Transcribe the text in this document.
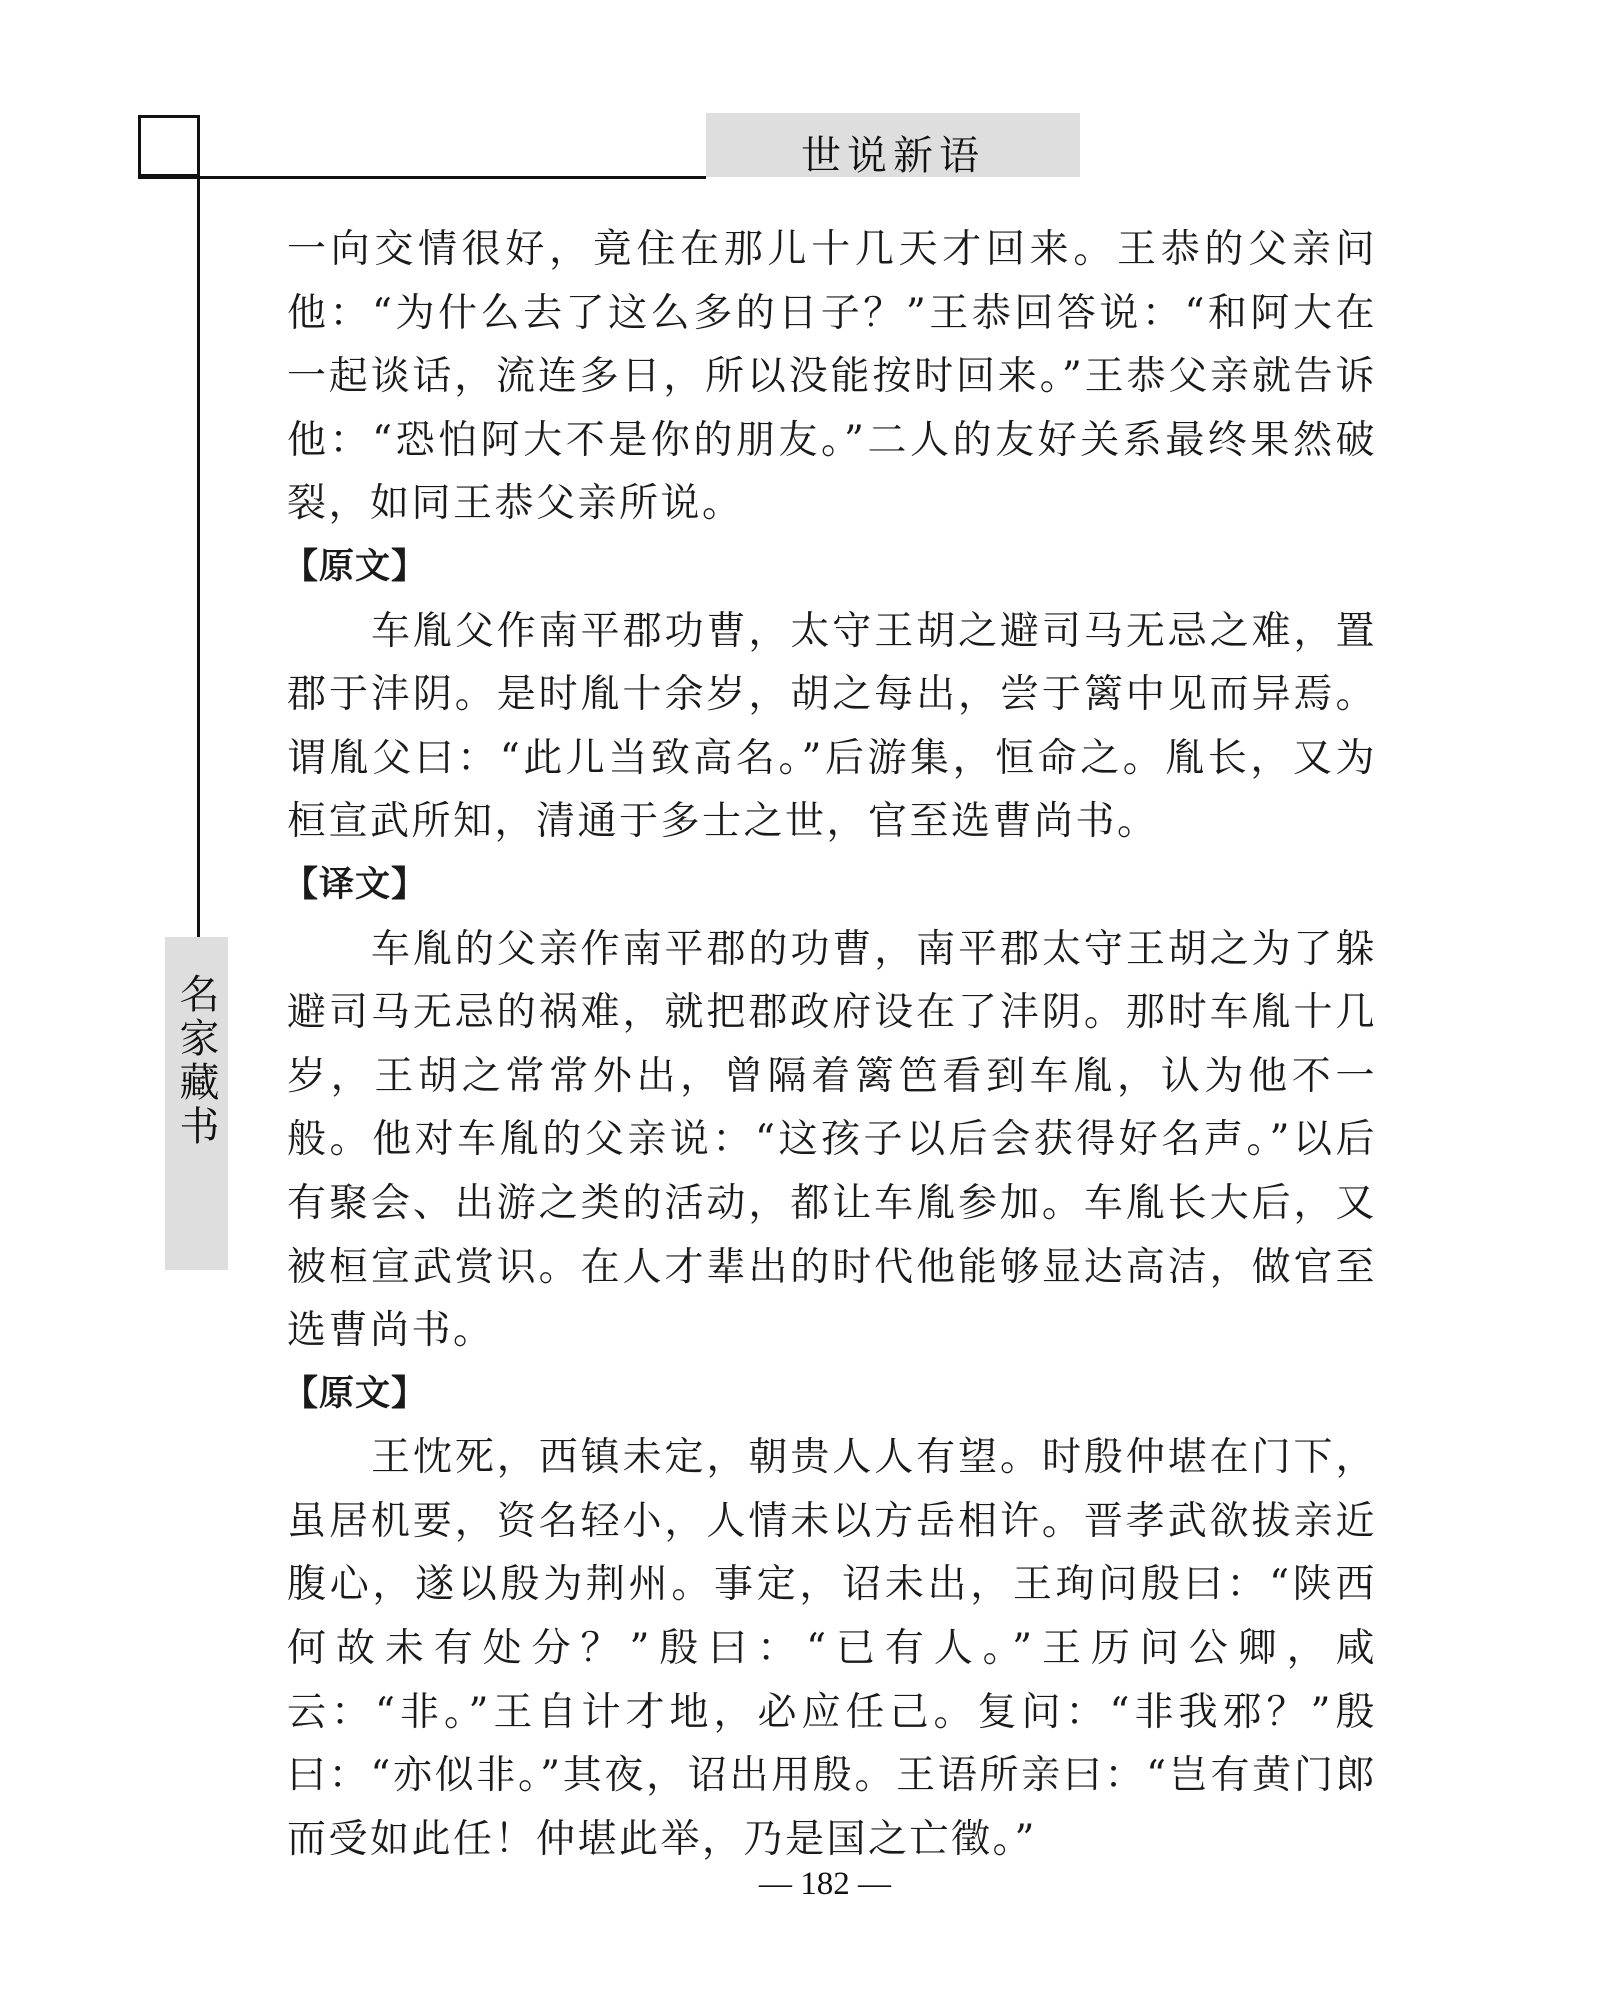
世说新语
名家藏书

一向交情很好，竟住在那儿十几天才回来。王恭的父亲问他：“为什么去了这么多的日子？”王恭回答说：“和阿大在一起谈话，流连多日，所以没能按时回来。”王恭父亲就告诉他：“恐怕阿大不是你的朋友。”二人的友好关系最终果然破裂，如同王恭父亲所说。

【原文】

车胤父作南平郡功曹，太守王胡之避司马无忌之难，置郡于沣阴。是时胤十余岁，胡之每出，尝于篱中见而异焉。谓胤父曰：“此儿当致高名。”后游集，恒命之。胤长，又为桓宣武所知，清通于多士之世，官至选曹尚书。

【译文】

车胤的父亲作南平郡的功曹，南平郡太守王胡之为了躲避司马无忌的祸难，就把郡政府设在了沣阴。那时车胤十几岁，王胡之常常外出，曾隔着篱笆看到车胤，认为他不一般。他对车胤的父亲说：“这孩子以后会获得好名声。”以后有聚会、出游之类的活动，都让车胤参加。车胤长大后，又被桓宣武赏识。在人才辈出的时代他能够显达高洁，做官至选曹尚书。

【原文】

王忱死，西镇未定，朝贵人人有望。时殷仲堪在门下，虽居机要，资名轻小，人情未以方岳相许。晋孝武欲拔亲近腹心，遂以殷为荆州。事定，诏未出，王珣问殷曰：“陕西何故未有处分？”殷曰：“已有人。”王历问公卿，咸云：“非。”王自计才地，必应任己。复问：“非我邪？”殷曰：“亦似非。”其夜，诏出用殷。王语所亲曰：“岂有黄门郎而受如此任！仲堪此举，乃是国之亡徵。”

— 182 —
